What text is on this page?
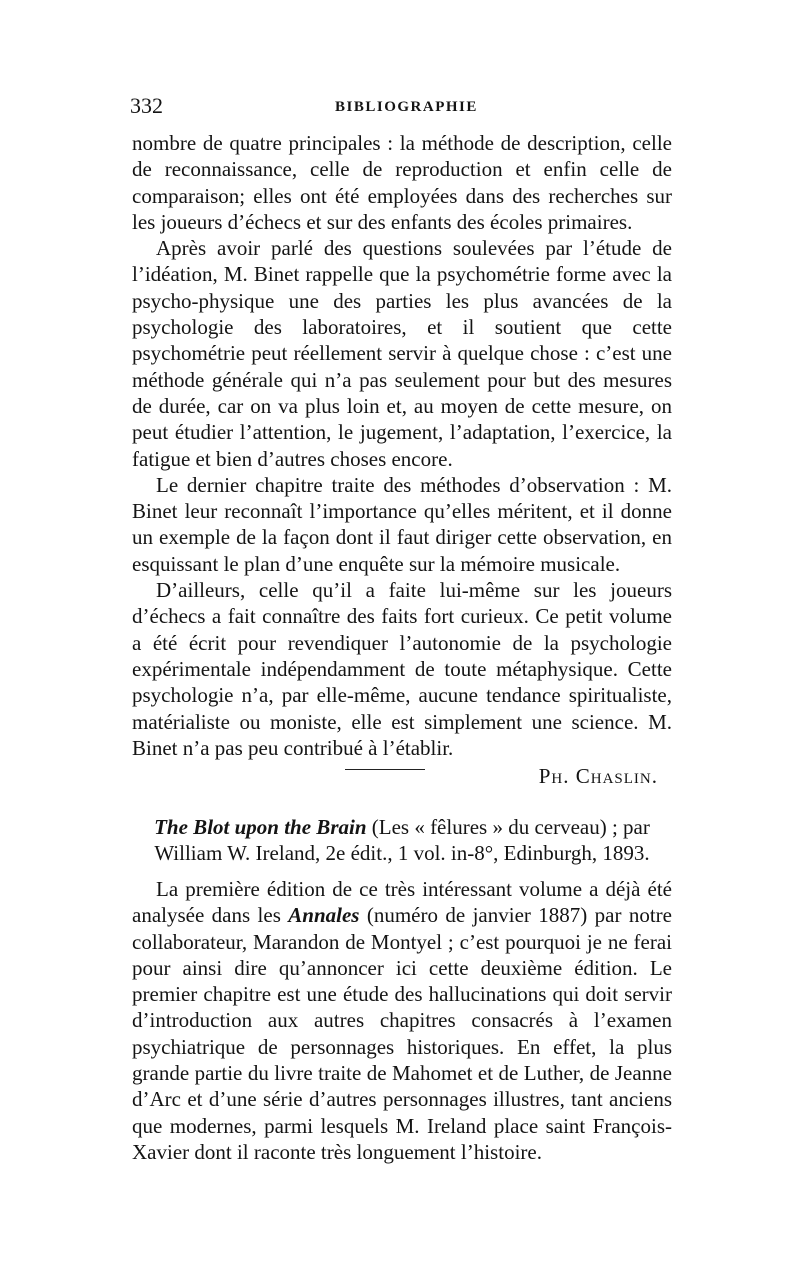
332	BIBLIOGRAPHIE

nombre de quatre principales : la méthode de description, celle de reconnaissance, celle de reproduction et enfin celle de comparaison; elles ont été employées dans des recherches sur les joueurs d’échecs et sur des enfants des écoles primaires.

Après avoir parlé des questions soulevées par l’étude de l’idéation, M. Binet rappelle que la psychométrie forme avec la psycho-physique une des parties les plus avancées de la psychologie des laboratoires, et il soutient que cette psychométrie peut réellement servir à quelque chose : c’est une méthode générale qui n’a pas seulement pour but des mesures de durée, car on va plus loin et, au moyen de cette mesure, on peut étudier l’attention, le jugement, l’adaptation, l’exercice, la fatigue et bien d’autres choses encore.

Le dernier chapitre traite des méthodes d’observation : M. Binet leur reconnaît l’importance qu’elles méritent, et il donne un exemple de la façon dont il faut diriger cette observation, en esquissant le plan d’une enquête sur la mémoire musicale.

D’ailleurs, celle qu’il a faite lui-même sur les joueurs d’échecs a fait connaître des faits fort curieux. Ce petit volume a été écrit pour revendiquer l’autonomie de la psychologie expérimentale indépendamment de toute métaphysique. Cette psychologie n’a, par elle-même, aucune tendance spiritualiste, matérialiste ou moniste, elle est simplement une science. M. Binet n’a pas peu contribué à l’établir.

Ph. Chaslin.

The Blot upon the Brain (Les « fêlures » du cerveau) ; par William W. Ireland, 2e édit., 1 vol. in-8°, Edinburgh, 1893.

La première édition de ce très intéressant volume a déjà été analysée dans les Annales (numéro de janvier 1887) par notre collaborateur, Marandon de Montyel ; c’est pourquoi je ne ferai pour ainsi dire qu’annoncer ici cette deuxième édition. Le premier chapitre est une étude des hallucinations qui doit servir d’introduction aux autres chapitres consacrés à l’examen psychiatrique de personnages historiques. En effet, la plus grande partie du livre traite de Mahomet et de Luther, de Jeanne d’Arc et d’une série d’autres personnages illustres, tant anciens que modernes, parmi lesquels M. Ireland place saint François-Xavier dont il raconte très longuement l’histoire.
